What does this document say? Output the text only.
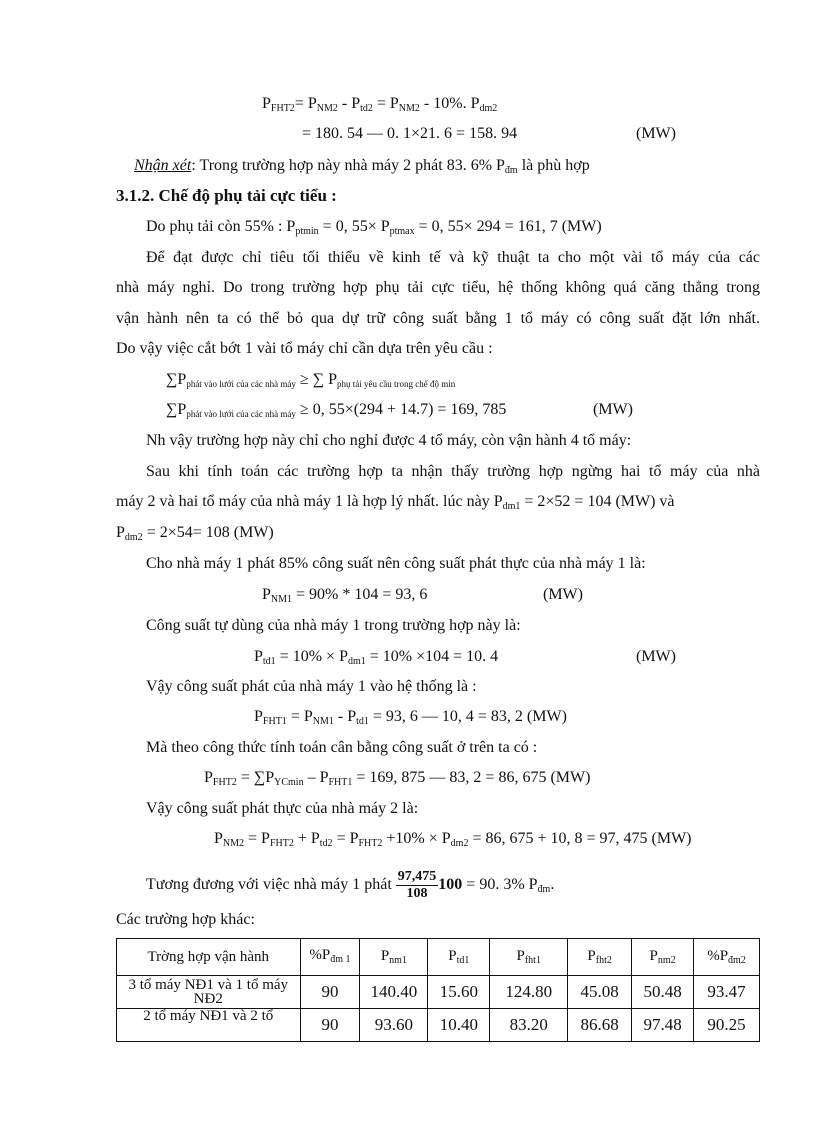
$P_{FHT2}= P_{NM2} - P_{td2} = P_{NM2} - 10\%$. $P_{dm2}$
= 180. 54 — 0. 1×21. 6 = 158. 94	(MW)
Nhận xét: Trong trường hợp này nhà máy 2 phát 83. 6% $P_{đm}$ là phù hợp
3.1.2. Chế độ phụ tải cực tiểu :
Do phụ tải còn 55% : $P_{ptmin} = 0$, $55\times P_{ptmax} = 0$, 55× 294 = 161, 7 (MW)
Để đạt được chỉ tiêu tối thiểu về kinh tế và kỹ thuật ta cho một vài tổ máy của các
nhà máy nghỉ. Do trong trường hợp phụ tải cực tiểu, hệ thống không quá căng thẳng trong
vận hành nên ta có thể bỏ qua dự trữ công suất bằng 1 tổ máy có công suất đặt lớn nhất.
Do vậy việc cắt bớt 1 vài tổ máy chỉ cần dựa trên yêu cầu :
∑Pphát vào lưới của các nhà máy ≥ ∑ Pphụ tải yêu cầu trong chế độ min
∑Pphát vào lưới của các nhà máy ≥ 0, 55×(294 + 14.7) = 169, 785	(MW)
Nh vậy trường hợp này chỉ cho nghỉ được 4 tổ máy, còn vận hành 4 tổ máy:
Sau khi tính toán các trường hợp ta nhận thấy trường hợp ngừng hai tổ máy của nhà
máy 2 và hai tổ máy của nhà máy 1 là hợp lý nhất. lúc này $P_{dm1} = 2\times 52 = 104$ (MW) và
$P_{dm2} = 2\times 54= 108$ (MW)
Cho nhà máy 1 phát 85% công suất nên công suất phát thực của nhà máy 1 là:
$P_{NM1} = 90\% * 104 = 93$, 6	(MW)
Công suất tự dùng của nhà máy 1 trong trường hợp này là:
$P_{td1} = 10\% \times P_{dm1} = 10\% \times 104 = 10$. 4	(MW)
Vậy công suất phát của nhà máy 1 vào hệ thống là :
$P_{FHT1} = P_{NM1} - P_{td1} = 93$, 6 — 10, 4 = 83, 2 (MW)
Mà theo công thức tính toán cân bằng công suất ở trên ta có :
$P_{FHT2} = \sum P_{YCmin} - P_{FHT1} = 169$, 875 — 83, 2 = 86, 675 (MW)
Vậy công suất phát thực của nhà máy 2 là:
$P_{NM2} = P_{FHT2} + P_{td2} = P_{FHT2} +10\% \times P_{dm2} = 86$, 675 + 10, 8 = 97, 475 (MW)
Tương đương với việc nhà máy 1 phát $\frac{97,475}{108} 100 = 90$. 3% $P_{đm}$.
Các trường hợp khác:
Trờng hợp vận hành	$\%P_{đm 1}$	$P_{nm1}$	$P_{td1}$	$P_{fht1}$	$P_{fht2}$	$P_{nm2}$	$\%P_{đm2}$
3 tổ máy NĐ1 và 1 tổ máy NĐ2	90	140.40	15.60	124.80	45.08	50.48	93.47
2 tổ máy NĐ1 và 2 tổ	90	93.60	10.40	83.20	86.68	97.48	90.25
